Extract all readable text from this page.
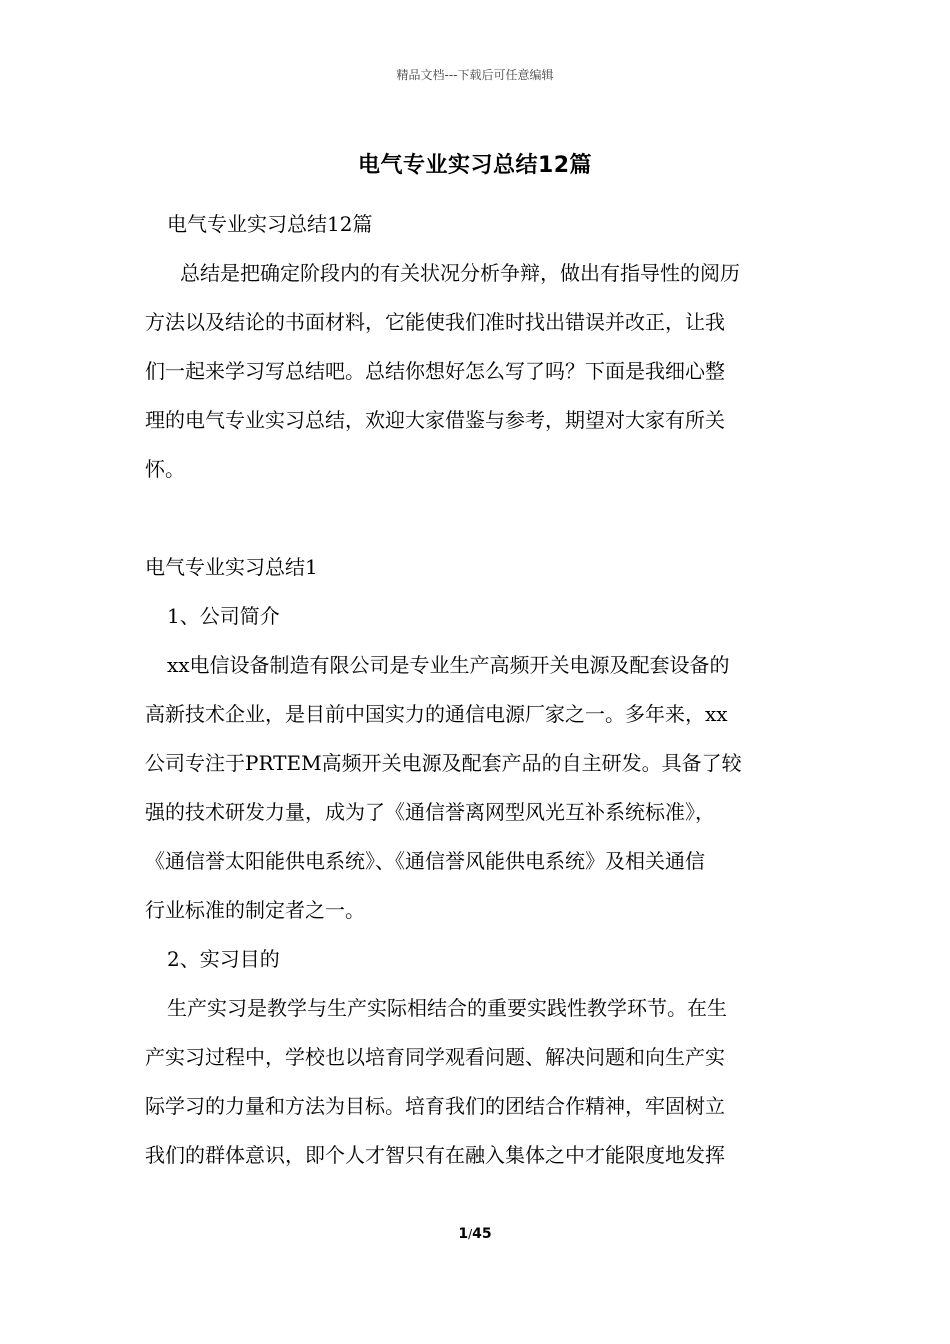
精品文档---下载后可任意编辑
电气专业实习总结12篇

电气专业实习总结12篇

总结是把确定阶段内的有关状况分析争辩，做出有指导性的阅历

方法以及结论的书面材料，它能使我们准时找出错误并改正，让我

们一起来学习写总结吧。总结你想好怎么写了吗？下面是我细心整

理的电气专业实习总结，欢迎大家借鉴与参考，期望对大家有所关

怀。

电气专业实习总结1

1、公司简介

xx电信设备制造有限公司是专业生产高频开关电源及配套设备的

高新技术企业，是目前中国实力的通信电源厂家之一。多年来，xx

公司专注于PRTEM高频开关电源及配套产品的自主研发。具备了较

强的技术研发力量，成为了《通信誉离网型风光互补系统标准》，

《通信誉太阳能供电系统》、《通信誉风能供电系统》及相关通信

行业标准的制定者之一。

2、实习目的

生产实习是教学与生产实际相结合的重要实践性教学环节。在生

产实习过程中，学校也以培育同学观看问题、解决问题和向生产实

际学习的力量和方法为目标。培育我们的团结合作精神，牢固树立

我们的群体意识，即个人才智只有在融入集体之中才能限度地发挥

1/45
